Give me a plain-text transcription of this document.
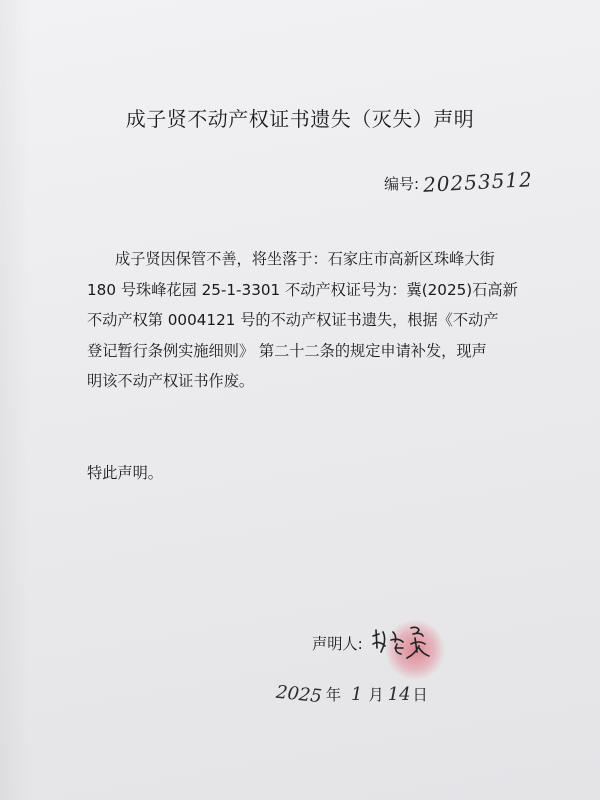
成子贤不动产权证书遗失（灭失）声明
编号: 20253512

成子贤因保管不善，将坐落于：石家庄市高新区珠峰大街
180 号珠峰花园 25-1-3301 不动产权证号为：冀(2025)石高新
不动产权第 0004121 号的不动产权证书遗失，根据《不动产
登记暂行条例实施细则》 第二十二条的规定申请补发，现声
明该不动产权证书作废。

特此声明。
声明人:
2025 年 1 月 14 日
